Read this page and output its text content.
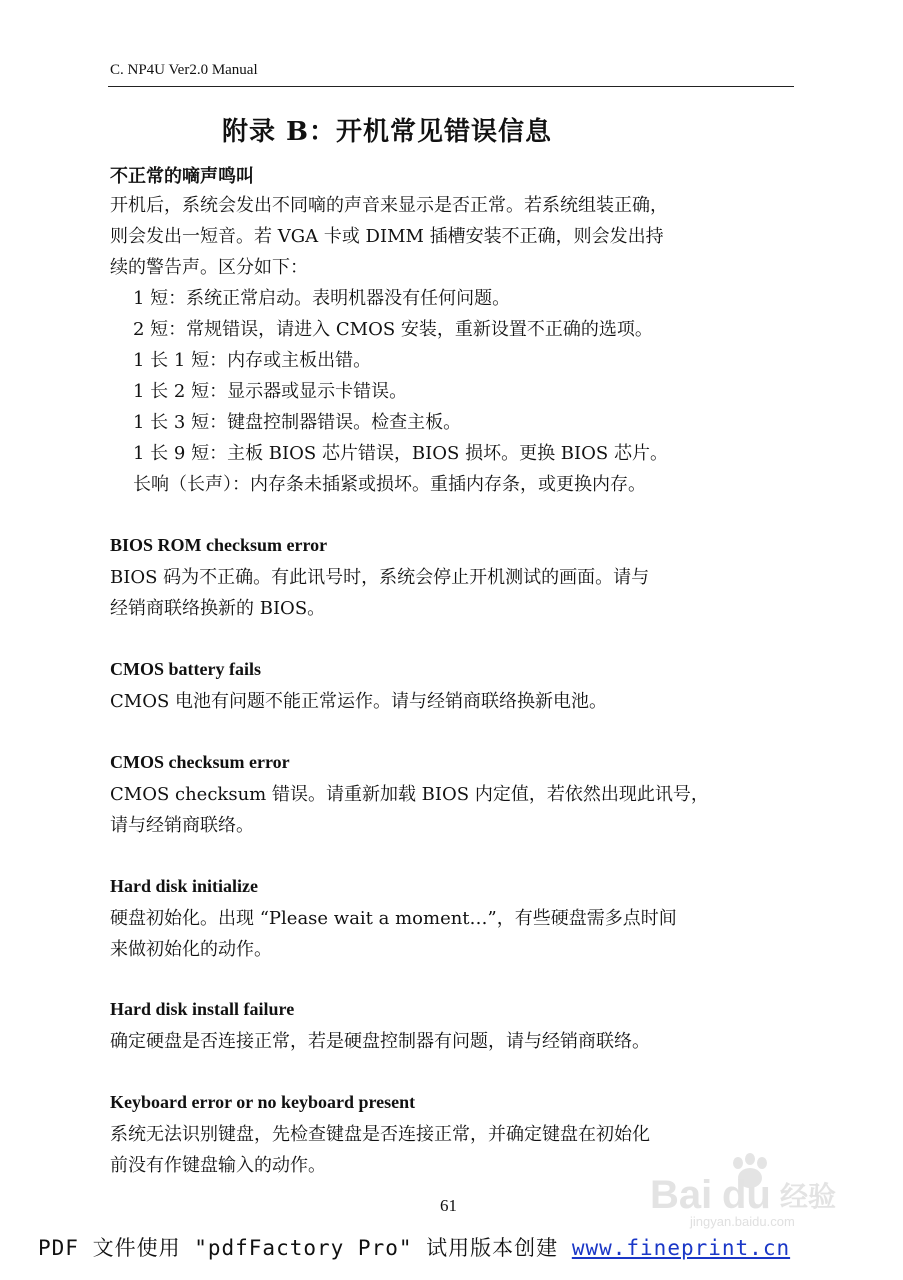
C. NP4U Ver2.0 Manual
附录 B：开机常见错误信息
不正常的嘀声鸣叫
开机后，系统会发出不同嘀的声音来显示是否正常。若系统组装正确，
则会发出一短音。若 VGA 卡或 DIMM 插槽安装不正确，则会发出持
续的警告声。区分如下：
1 短：系统正常启动。表明机器没有任何问题。
2 短：常规错误，请进入 CMOS 安装，重新设置不正确的选项。
1 长 1 短：内存或主板出错。
1 长 2 短：显示器或显示卡错误。
1 长 3 短：键盘控制器错误。检查主板。
1 长 9 短：主板 BIOS 芯片错误，BIOS 损坏。更换 BIOS 芯片。
长响（长声）：内存条未插紧或损坏。重插内存条，或更换内存。
BIOS ROM checksum error
BIOS 码为不正确。有此讯号时，系统会停止开机测试的画面。请与
经销商联络换新的 BIOS。
CMOS battery fails
CMOS 电池有问题不能正常运作。请与经销商联络换新电池。
CMOS checksum error
CMOS checksum 错误。请重新加载 BIOS 内定值，若依然出现此讯号，
请与经销商联络。
Hard disk initialize
硬盘初始化。出现 “Please wait a moment…”，有些硬盘需多点时间
来做初始化的动作。
Hard disk install failure
确定硬盘是否连接正常，若是硬盘控制器有问题，请与经销商联络。
Keyboard error or no keyboard present
系统无法识别键盘，先检查键盘是否连接正常，并确定键盘在初始化
前没有作键盘输入的动作。
61	Bai du 经验
jingyan.baidu.com
PDF 文件使用 "pdfFactory Pro" 试用版本创建 www.fineprint.cn
